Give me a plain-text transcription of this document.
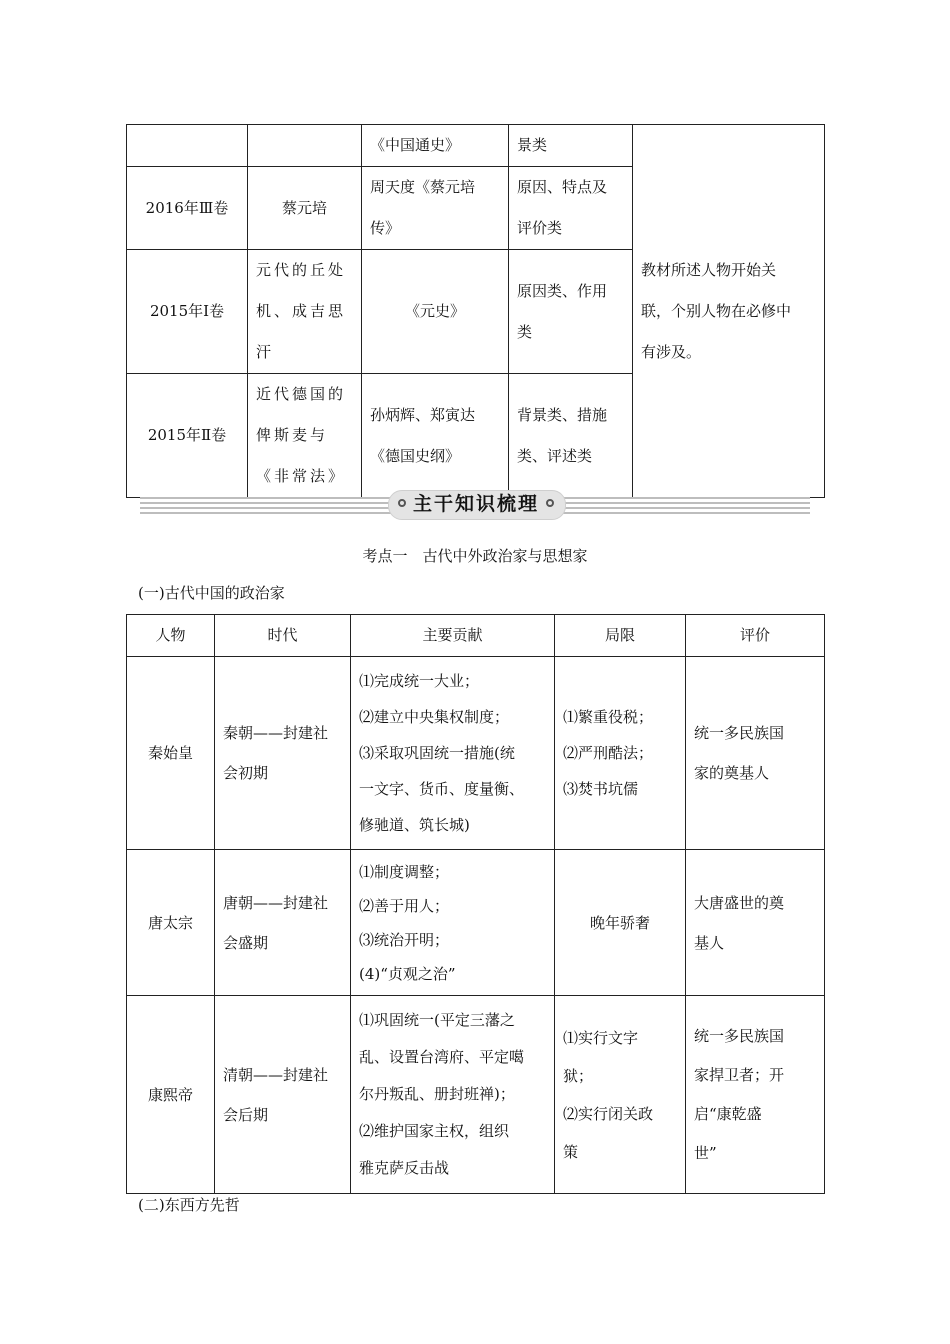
		《中国通史》	景类	教材所述人物开始关
联，个别人物在必修中
有涉及。

2016年Ⅲ卷	蔡元培	周天度《蔡元培
传》	原因、特点及
评价类	

2015年Ⅰ卷	元代的丘处
机、成吉思
汗	《元史》	原因类、作用
类	

2015年Ⅱ卷	近代德国的
俾斯麦与
《非常法》	孙炳辉、郑寅达
《德国史纲》	背景类、措施
类、评述类	
主干知识梳理
考点一　古代中外政治家与思想家
(一)古代中国的政治家
人物	时代	主要贡献	局限	评价
秦始皇	秦朝——封建社
会初期	⑴完成统一大业；
⑵建立中央集权制度；
⑶采取巩固统一措施(统
一文字、货币、度量衡、
修驰道、筑长城)	⑴繁重役税；
⑵严刑酷法；
⑶焚书坑儒	统一多民族国
家的奠基人

唐太宗	唐朝——封建社
会盛期	⑴制度调整；
⑵善于用人；
⑶统治开明；
(4)“贞观之治”	晚年骄奢	大唐盛世的奠
基人

康熙帝	清朝——封建社
会后期	⑴巩固统一(平定三藩之
乱、设置台湾府、平定噶
尔丹叛乱、册封班禅)；
⑵维护国家主权，组织
雅克萨反击战	⑴实行文字
狱；
⑵实行闭关政
策	统一多民族国
家捍卫者；开
启“康乾盛
世”
(二)东西方先哲
